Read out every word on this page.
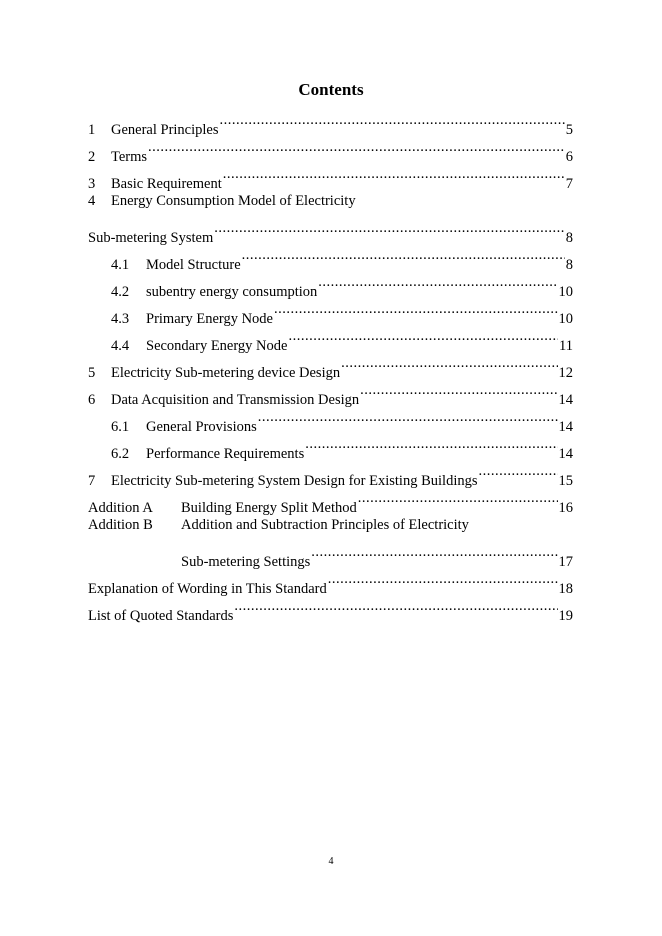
Contents
1	General Principles .....	5
2	Terms .....	6
3	Basic Requirement .....	7
4	Energy Consumption Model of Electricity
Sub-metering System .....	8
4.1	Model Structure .....	8
4.2	subentry energy consumption .....	10
4.3	Primary Energy Node .....	10
4.4	Secondary Energy Node .....	11
5	Electricity Sub-metering device Design .....	12
6	Data Acquisition and Transmission Design .....	14
6.1	General Provisions .....	14
6.2	Performance Requirements .....	14
7	Electricity Sub-metering System Design for Existing Buildings .....	15
Addition A	Building Energy Split Method .....	16
Addition B	Addition and Subtraction Principles of Electricity
Sub-metering Settings .....	17
Explanation of Wording in This Standard .....	18
List of Quoted Standards .....	19
4
